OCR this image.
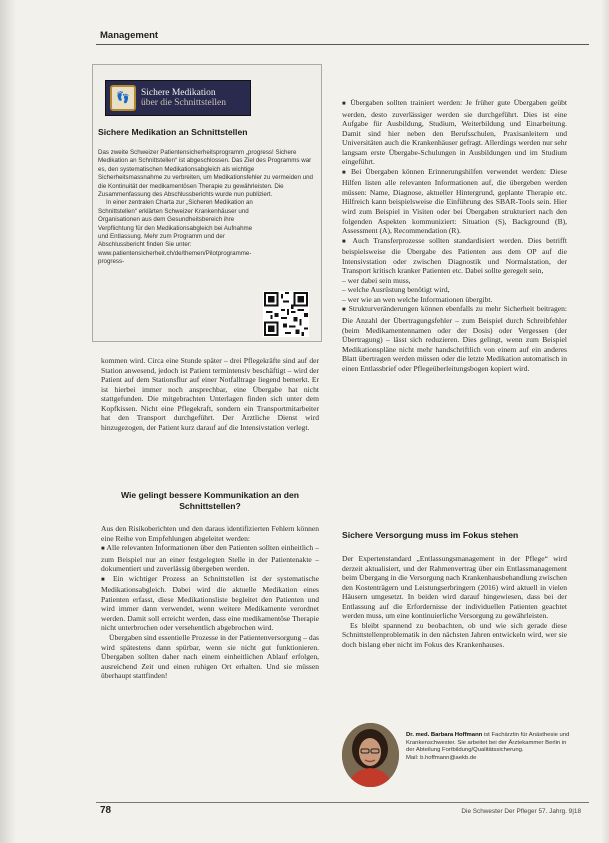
Management
👣	Sichere Medikation
über die Schnittstellen
Sichere Medikation an Schnittstellen

Das zweite Schweizer Patientensicherheitsprogramm „progress! Sichere Medikation an Schnittstellen“ ist abgeschlossen. Das Ziel des Programms war es, den systematischen Medikationsabgleich als wichtige Sicherheitsmassnahme zu verbreiten, um Medikationsfehler zu vermeiden und die Kontinuität der medikamentösen Therapie zu gewährleisten. Die Zusammenfassung des Abschlussberichts wurde nun publiziert.

In einer zentralen Charta zur „Sicheren Medikation an Schnittstellen“ erklärten Schweizer Krankenhäuser und Organisationen aus dem Gesundheitsbereich ihre Verpflichtung für den Medikationsabgleich bei Aufnahme und Entlassung. Mehr zum Programm und der Abschlussbericht finden Sie unter: www.patientensicherheit.ch/de/themen/Pilotprogramme-progress-

kommen wird. Circa eine Stunde später – drei Pflegekräfte sind auf der Station anwesend, jedoch ist Patient termintensiv beschäftigt – wird der Patient auf dem Stationsflur auf einer Notfalltrage liegend bemerkt. Er ist hierbei immer noch ansprechbar, eine Übergabe hat nicht stattgefunden. Die mitgebrachten Unterlagen finden sich unter dem Kopfkissen. Nicht eine Pflegekraft, sondern ein Transportmitarbeiter hat den Transport durchgeführt. Der Ärztliche Dienst wird hinzugezogen, der Patient kurz darauf auf die Intensivstation verlegt.

Wie gelingt bessere Kommunikation an den Schnittstellen?

Aus den Risikoberichten und den daraus identifizierten Fehlern können eine Reihe von Empfehlungen abgeleitet werden:

■ Alle relevanten Informationen über den Patienten sollten einheitlich – zum Beispiel nur an einer festgelegten Stelle in der Patientenakte – dokumentiert und zuverlässig übergeben werden.

■ Ein wichtiger Prozess an Schnittstellen ist der systematische Medikationsabgleich. Dabei wird die aktuelle Medikation eines Patienten erfasst, diese Medikationsliste begleitet den Patienten und wird immer dann verwendet, wenn weitere Medikamente verordnet werden. Damit soll erreicht werden, dass eine medikamentöse Therapie nicht unterbrochen oder versehentlich abgebrochen wird.

Übergaben sind essentielle Prozesse in der Patientenversorgung – das wird spätestens dann spürbar, wenn sie nicht gut funktionieren. Übergaben sollten daher nach einem einheitlichen Ablauf erfolgen, ausreichend Zeit und einen ruhigen Ort erhalten. Und sie müssen überhaupt stattfinden!

■ Übergaben sollten trainiert werden: Je früher gute Übergaben geübt werden, desto zuverlässiger werden sie durchgeführt. Dies ist eine Aufgabe für Ausbildung, Studium, Weiterbildung und Einarbeitung. Damit sind hier neben den Berufsschulen, Praxisanleitern und Universitäten auch die Krankenhäuser gefragt. Allerdings werden nur sehr langsam erste Übergabe-Schulungen in Ausbildungen und im Studium eingeführt.

■ Bei Übergaben können Erinnerungshilfen verwendet werden: Diese Hilfen listen alle relevanten Informationen auf, die übergeben werden müssen: Name, Diagnose, aktueller Hintergrund, geplante Therapie etc. Hilfreich kann beispielsweise die Einführung des SBAR-Tools sein. Hier wird zum Beispiel in Visiten oder bei Übergaben strukturiert nach den folgenden Aspekten kommuniziert: Situation (S), Background (B), Assessment (A), Recommendation (R).

■ Auch Transferprozesse sollten standardisiert werden. Dies betrifft beispielsweise die Übergabe des Patienten aus dem OP auf die Intensivstation oder zwischen Diagnostik und Normalstation, der Transport kritisch kranker Patienten etc. Dabei sollte geregelt sein,

– wer dabei sein muss,

– welche Ausrüstung benötigt wird,

– wer wie an wen welche Informationen übergibt.

■ Strukturveränderungen können ebenfalls zu mehr Sicherheit beitragen: Die Anzahl der Übertragungsfehler – zum Beispiel durch Schreibfehler (beim Medikamentennamen oder der Dosis) oder Vergessen (der Übertragung) – lässt sich reduzieren. Dies gelingt, wenn zum Beispiel Medikationspläne nicht mehr handschriftlich von einem auf ein anderes Blatt übertragen werden müssen oder die letzte Medikation automatisch in einen Entlassbrief oder Pflegeüberleitungsbogen kopiert wird.

Sichere Versorgung muss im Fokus stehen

Der Expertenstandard „Entlassungsmanagement in der Pflege“ wird derzeit aktualisiert, und der Rahmenvertrag über ein Entlassmanagement beim Übergang in die Versorgung nach Krankenhausbehandlung zwischen den Kostenträgern und Leistungserbringern (2016) wird aktuell in vielen Häusern umgesetzt. In beiden wird darauf hingewiesen, dass bei der Entlassung auf die Erfordernisse der individuellen Patienten geachtet werden muss, um eine kontinuierliche Versorgung zu gewährleisten.

Es bleibt spannend zu beobachten, ob und wie sich gerade diese Schnittstellenproblematik in den nächsten Jahren entwickeln wird, wer sie doch bislang eher nicht im Fokus des Krankenhauses.

Dr. med. Barbara Hoffmann ist Fachärztin für Anästhesie und Krankenschwester. Sie arbeitet bei der Ärztekammer Berlin in der Abteilung Fortbildung/Qualitätssicherung.
Mail: b.hoffmann@aekb.de
78	Die Schwester Der Pfleger 57. Jahrg. 9|18
